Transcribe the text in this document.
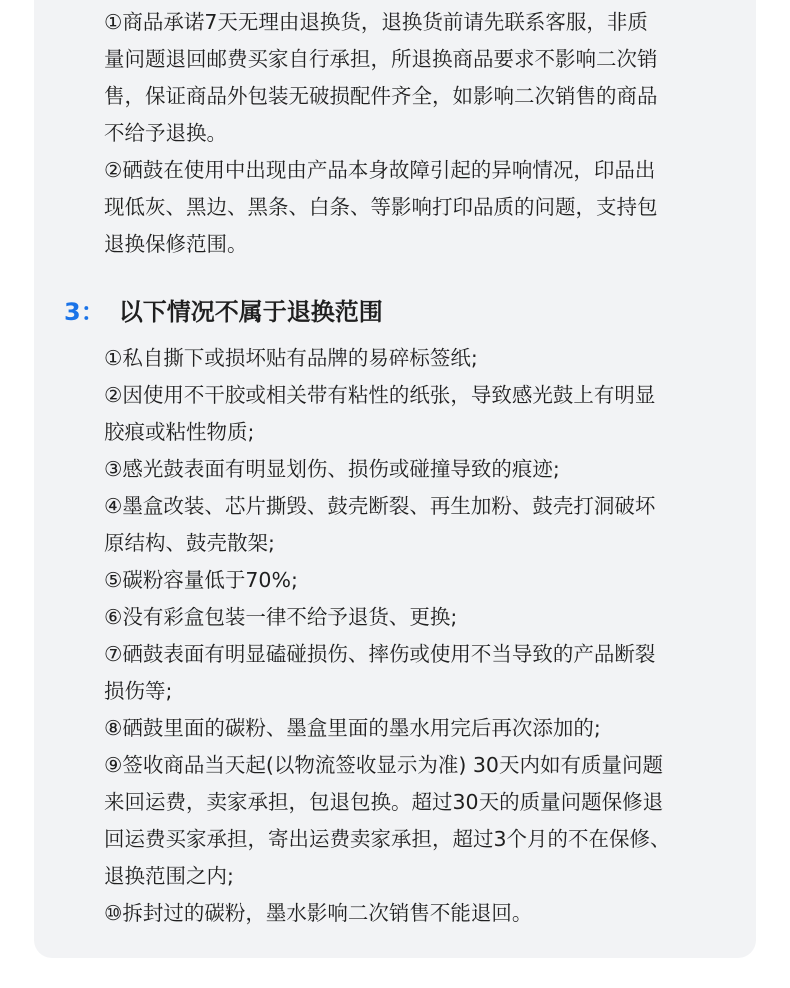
①商品承诺7天无理由退换货，退换货前请先联系客服，非质
量问题退回邮费买家自行承担，所退换商品要求不影响二次销
售，保证商品外包装无破损配件齐全，如影响二次销售的商品
不给予退换。
②硒鼓在使用中出现由产品本身故障引起的异响情况，印品出
现低灰、黑边、黑条、白条、等影响打印品质的问题，支持包
退换保修范围。
3： 以下情况不属于退换范围
①私自撕下或损坏贴有品牌的易碎标签纸;
②因使用不干胶或相关带有粘性的纸张，导致感光鼓上有明显
胶痕或粘性物质;
③感光鼓表面有明显划伤、损伤或碰撞导致的痕迹;
④墨盒改装、芯片撕毁、鼓壳断裂、再生加粉、鼓壳打洞破坏
原结构、鼓壳散架;
⑤碳粉容量低于70%;
⑥没有彩盒包装一律不给予退货、更换;
⑦硒鼓表面有明显磕碰损伤、摔伤或使用不当导致的产品断裂
损伤等;
⑧硒鼓里面的碳粉、墨盒里面的墨水用完后再次添加的;
⑨签收商品当天起(以物流签收显示为准) 30天内如有质量问题
来回运费，卖家承担，包退包换。超过30天的质量问题保修退
回运费买家承担，寄出运费卖家承担，超过3个月的不在保修、
退换范围之内;
⑩拆封过的碳粉，墨水影响二次销售不能退回。
